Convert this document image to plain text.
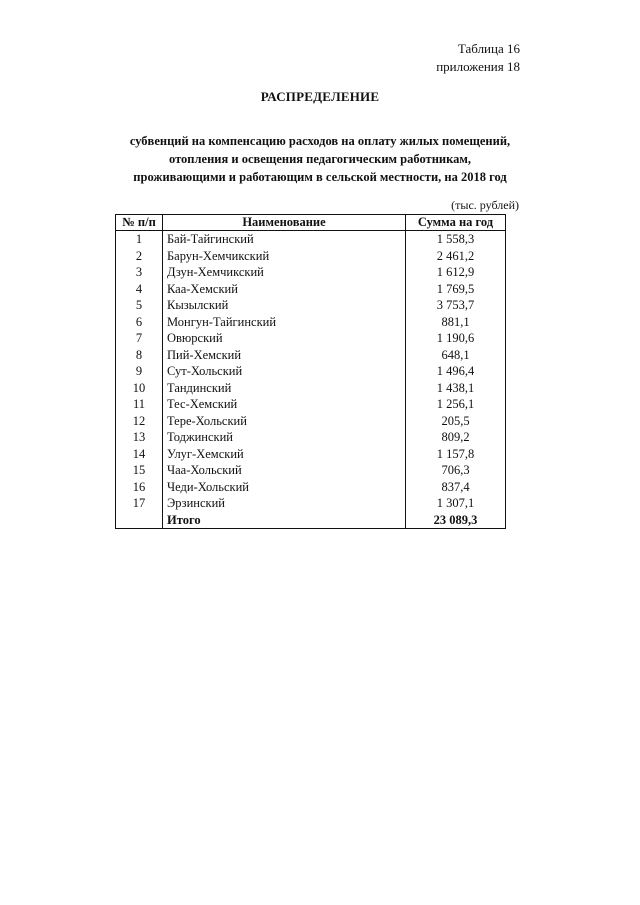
Таблица 16
приложения 18
РАСПРЕДЕЛЕНИЕ
субвенций на компенсацию расходов на оплату жилых помещений,
отопления и освещения педагогическим работникам,
проживающими и работающим в сельской местности, на 2018 год
(тыс. рублей)
№ п/п	Наименование	Сумма на год
1	Бай-Тайгинский	1 558,3
2	Барун-Хемчикский	2 461,2
3	Дзун-Хемчикский	1 612,9
4	Каа-Хемский	1 769,5
5	Кызылский	3 753,7
6	Монгун-Тайгинский	881,1
7	Овюрский	1 190,6
8	Пий-Хемский	648,1
9	Сут-Хольский	1 496,4
10	Тандинский	1 438,1
11	Тес-Хемский	1 256,1
12	Тере-Хольский	205,5
13	Тоджинский	809,2
14	Улуг-Хемский	1 157,8
15	Чаа-Хольский	706,3
16	Чеди-Хольский	837,4
17	Эрзинский	1 307,1
	Итого	23 089,3
